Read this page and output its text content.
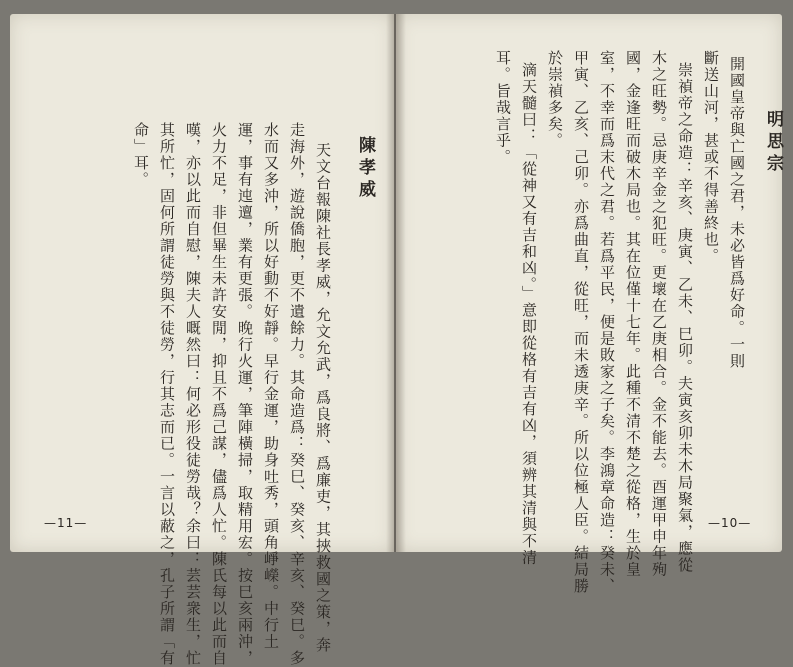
陳孝威
天文台報陳社長孝威，允文允武，爲良將、爲廉吏，其挾救國之策，奔
走海外，遊說僑胞，更不遺餘力。其命造爲：癸巳、癸亥、辛亥、癸巳。多
水而又多沖，所以好動不好靜。早行金運，助身吐秀，頭角崢嶸。中行土
運，事有迍邅，業有更張。晚行火運，筆陣橫掃，取精用宏。按巳亥兩沖，
火力不足，非但畢生未許安閒，抑且不爲己謀，儘爲人忙。陳氏每以此而自
嘆，亦以此而自慰，陳夫人嘅然曰：何必形役徒勞哉？余曰：芸芸衆生，忙
其所忙，固何所謂徒勞與不徒勞，行其志而已。一言以蔽之，孔子所謂「有
命」耳。
—11—
明思宗
開國皇帝與亡國之君，未必皆爲好命。一則
斷送山河，甚或不得善終也。
崇禎帝之命造：辛亥、庚寅、乙未、巳卯。夫寅亥卯未木局聚氣，應從
木之旺勢。忌庚辛金之犯旺。更壞在乙庚相合。金不能去。酉運甲申年殉
國，金逢旺而破木局也。其在位僅十七年。此種不清不楚之從格，生於皇
室，不幸而爲末代之君。若爲平民，便是敗家之子矣。李鴻章命造：癸未、
甲寅、乙亥、己卯。亦爲曲直，從旺，而未透庚辛。所以位極人臣。結局勝
於崇禎多矣。
滴天髓曰：「從神又有吉和凶。」意即從格有吉有凶，須辨其清與不清
耳。旨哉言乎。
—10—
